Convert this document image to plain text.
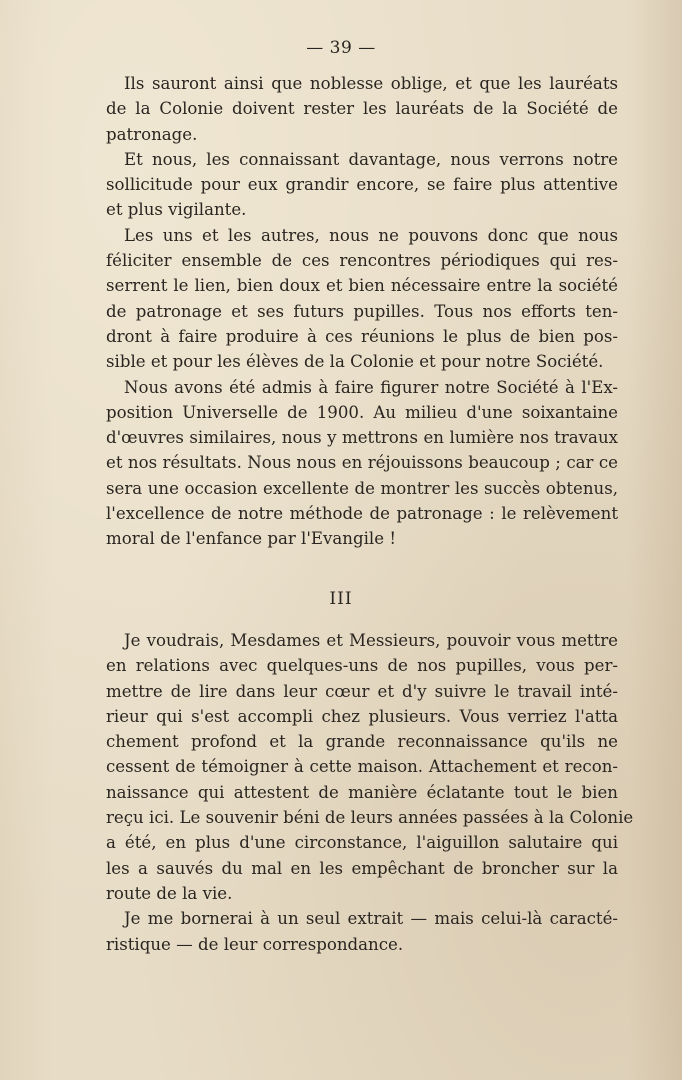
— 39 —
Ils sauront ainsi que noblesse oblige, et que les lauréats
de la Colonie doivent rester les lauréats de la Société de
patronage.
Et nous, les connaissant davantage, nous verrons notre
sollicitude pour eux grandir encore, se faire plus attentive
et plus vigilante.
Les uns et les autres, nous ne pouvons donc que nous
féliciter ensemble de ces rencontres périodiques qui res-
serrent le lien, bien doux et bien nécessaire entre la société
de patronage et ses futurs pupilles. Tous nos efforts ten-
dront à faire produire à ces réunions le plus de bien pos-
sible et pour les élèves de la Colonie et pour notre Société.
Nous avons été admis à faire figurer notre Société à l'Ex-
position Universelle de 1900. Au milieu d'une soixantaine
d'œuvres similaires, nous y mettrons en lumière nos travaux
et nos résultats. Nous nous en réjouissons beaucoup ; car ce
sera une occasion excellente de montrer les succès obtenus,
l'excellence de notre méthode de patronage : le relèvement
moral de l'enfance par l'Evangile !
III
Je voudrais, Mesdames et Messieurs, pouvoir vous mettre
en relations avec quelques-uns de nos pupilles, vous per-
mettre de lire dans leur cœur et d'y suivre le travail inté-
rieur qui s'est accompli chez plusieurs. Vous verriez l'atta
chement profond et la grande reconnaissance qu'ils ne
cessent de témoigner à cette maison. Attachement et recon-
naissance qui attestent de manière éclatante tout le bien
reçu ici. Le souvenir béni de leurs années passées à la Colonie
a été, en plus d'une circonstance, l'aiguillon salutaire qui
les a sauvés du mal en les empêchant de broncher sur la
route de la vie.
Je me bornerai à un seul extrait — mais celui-là caracté-
ristique — de leur correspondance.
